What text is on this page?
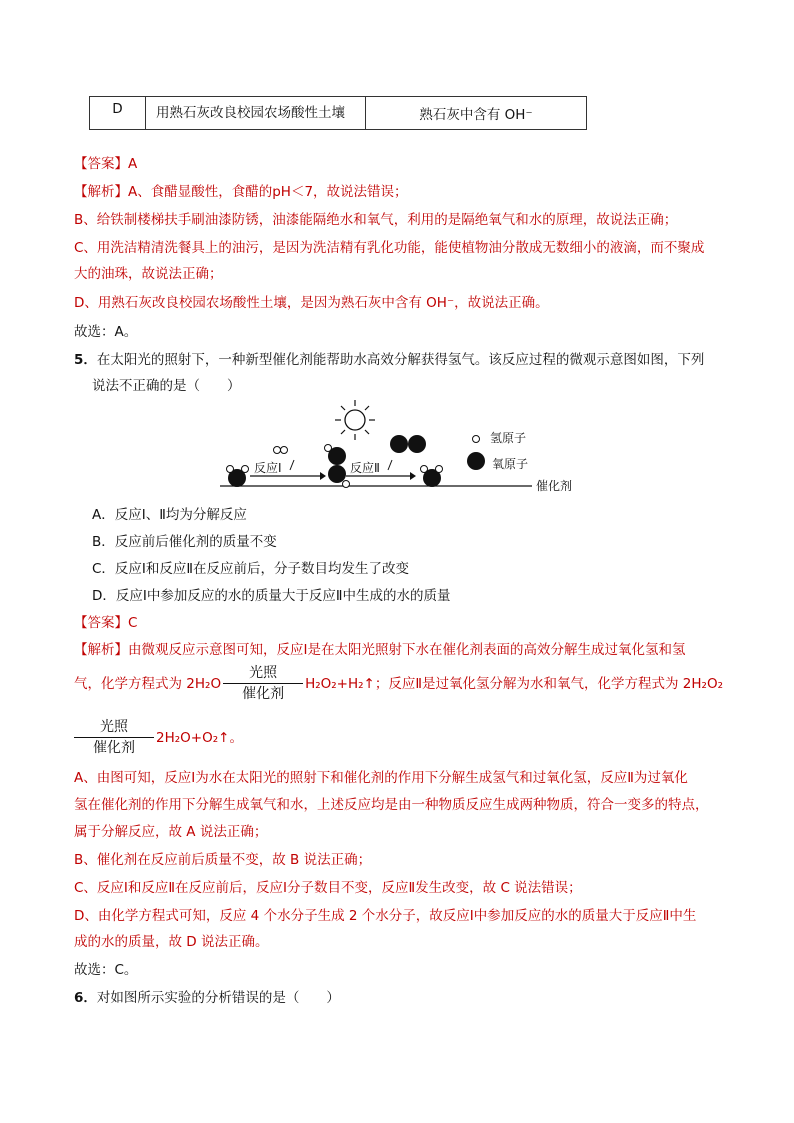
D	用熟石灰改良校园农场酸性土壤	熟石灰中含有 OH⁻
【答案】A
【解析】A、食醋显酸性，食醋的pH＜7，故说法错误；
B、给铁制楼梯扶手刷油漆防锈，油漆能隔绝水和氧气，利用的是隔绝氧气和水的原理，故说法正确；
C、用洗洁精清洗餐具上的油污，是因为洗洁精有乳化功能，能使植物油分散成无数细小的液滴，而不聚成
大的油珠，故说法正确；
D、用熟石灰改良校园农场酸性土壤，是因为熟石灰中含有 OH⁻，故说法正确。
故选：A。
5．在太阳光的照射下，一种新型催化剂能帮助水高效分解获得氢气。该反应过程的微观示意图如图，下列
说法不正确的是（　　）
催化剂
反应Ⅰ	反应Ⅱ
氢原子
氧原子
A．反应Ⅰ、Ⅱ均为分解反应
B．反应前后催化剂的质量不变
C．反应Ⅰ和反应Ⅱ在反应前后，分子数目均发生了改变
D．反应Ⅰ中参加反应的水的质量大于反应Ⅱ中生成的水的质量
【答案】C
【解析】由微观反应示意图可知，反应Ⅰ是在太阳光照射下水在催化剂表面的高效分解生成过氧化氢和氢
气，化学方程式为 $2H_2O \frac{\text{光照}}{\text{催化剂}}$ H₂O₂+H₂↑；反应Ⅱ是过氧化氢分解为水和氧气，化学方程式为 2H₂O₂
$\frac{\text{光照}}{\text{催化剂}}$ 2H₂O+O₂↑。
A、由图可知，反应Ⅰ为水在太阳光的照射下和催化剂的作用下分解生成氢气和过氧化氢，反应Ⅱ为过氧化
氢在催化剂的作用下分解生成氧气和水，上述反应均是由一种物质反应生成两种物质，符合一变多的特点，
属于分解反应，故 A 说法正确；
B、催化剂在反应前后质量不变，故 B 说法正确；
C、反应Ⅰ和反应Ⅱ在反应前后，反应Ⅰ分子数目不变，反应Ⅱ发生改变，故 C 说法错误；
D、由化学方程式可知，反应 4 个水分子生成 2 个水分子，故反应Ⅰ中参加反应的水的质量大于反应Ⅱ中生
成的水的质量，故 D 说法正确。
故选：C。
6．对如图所示实验的分析错误的是（　　）
